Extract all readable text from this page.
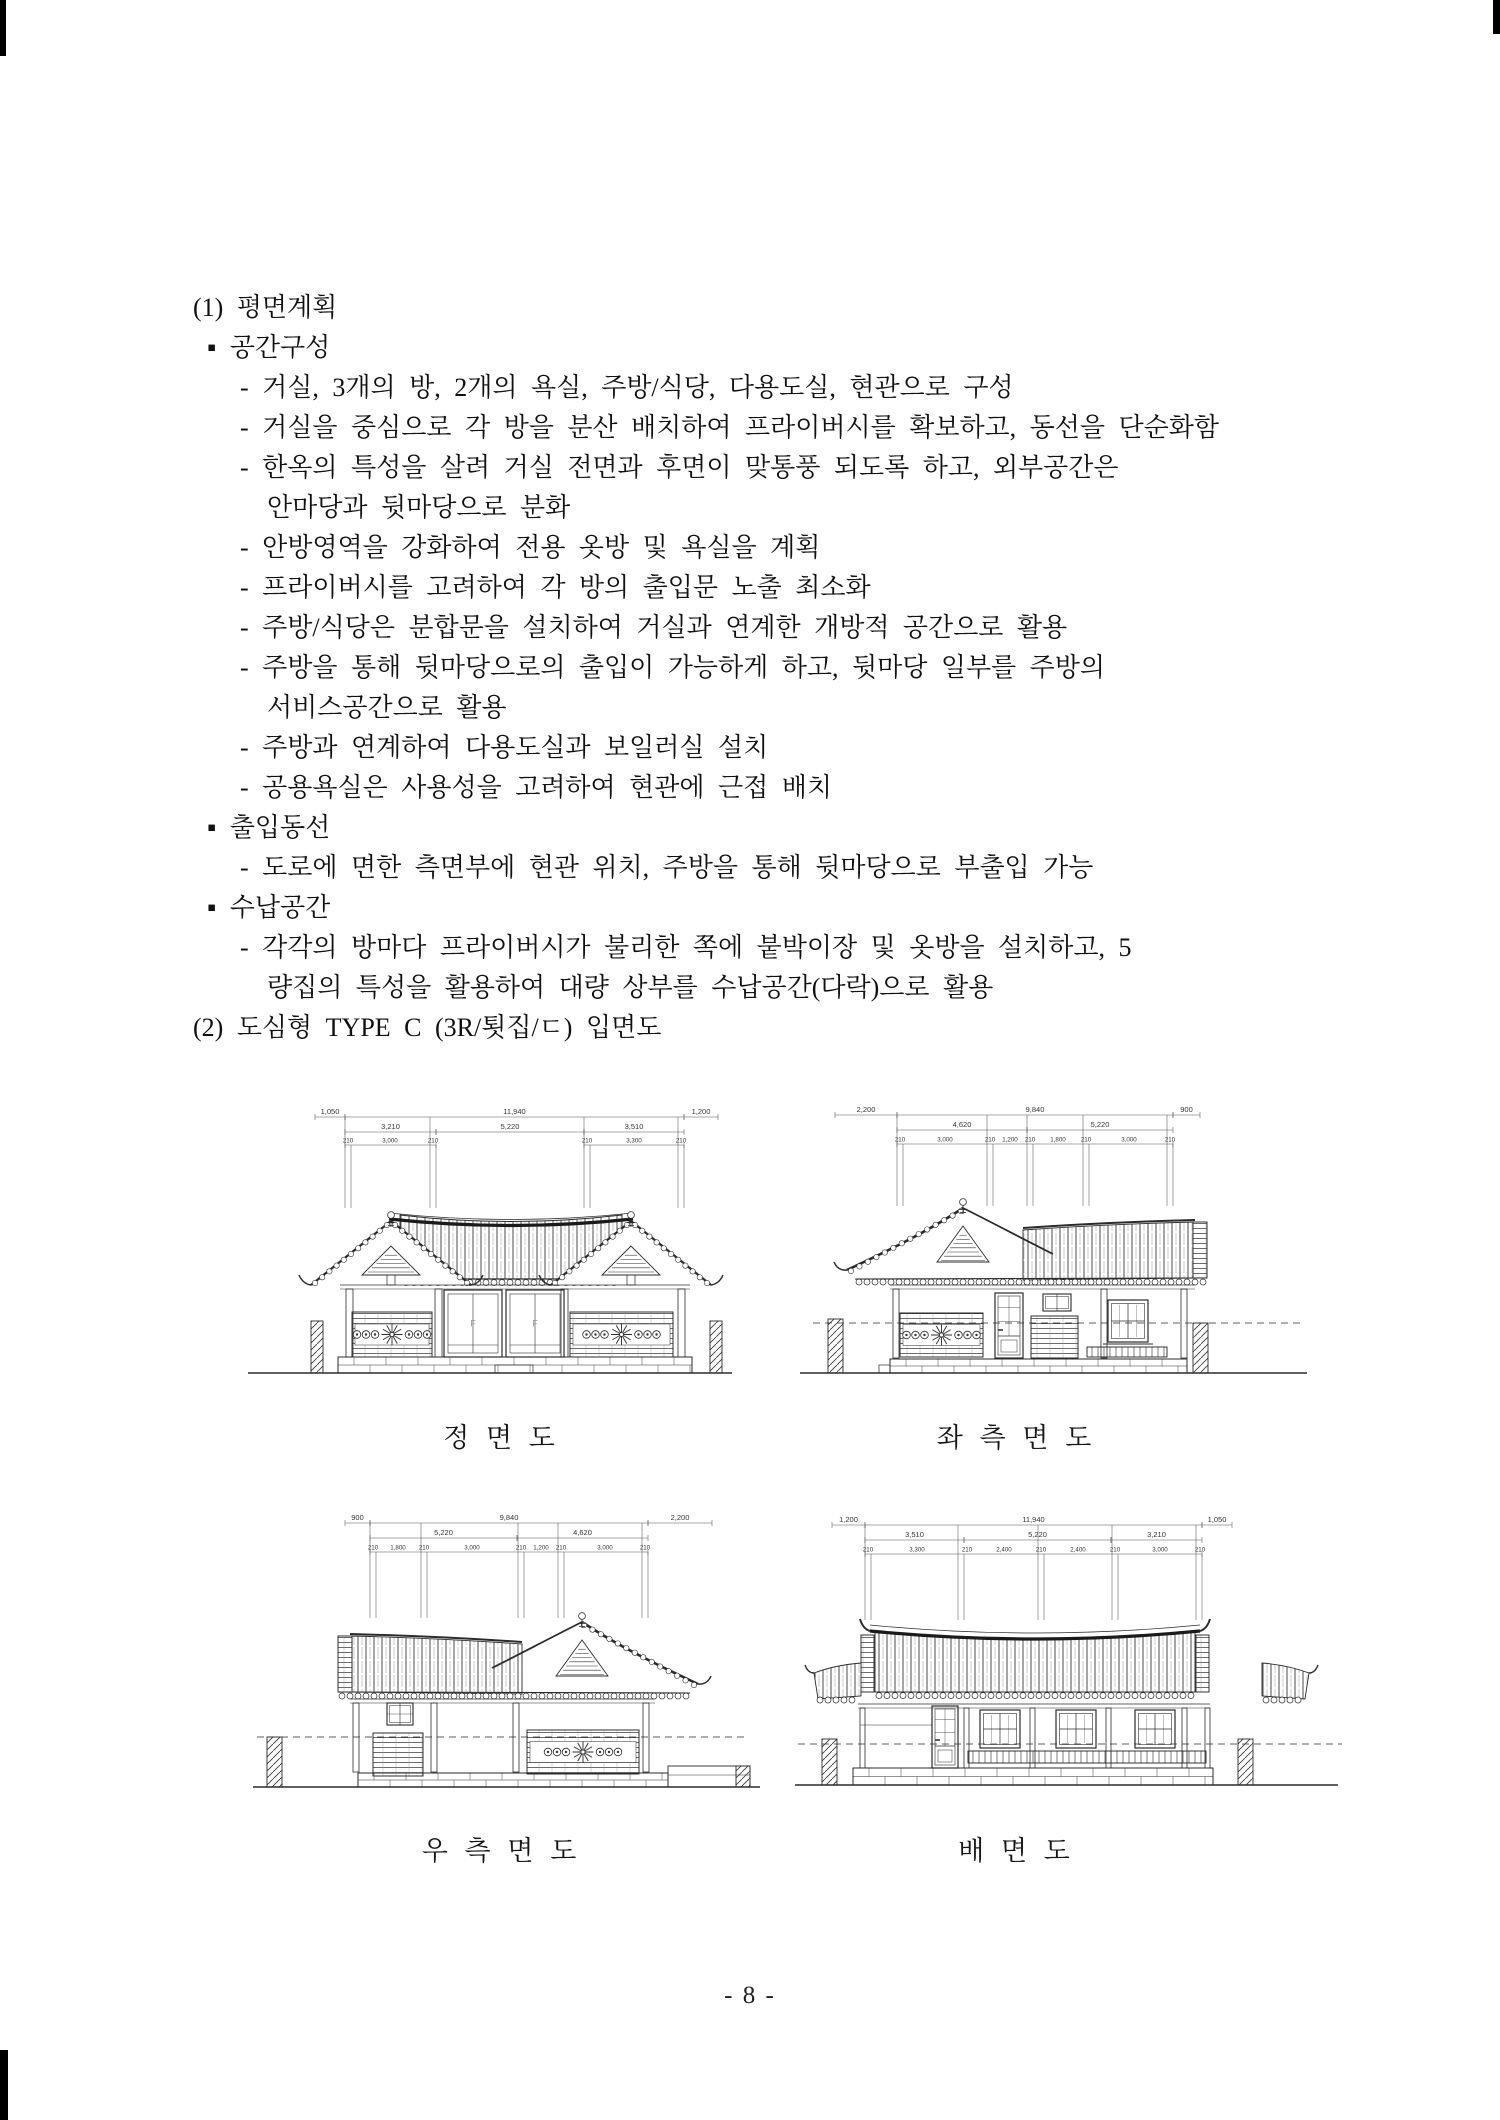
(1) 평면계획
▪ 공간구성
- 거실, 3개의 방, 2개의 욕실, 주방/식당, 다용도실, 현관으로 구성
- 거실을 중심으로 각 방을 분산 배치하여 프라이버시를 확보하고, 동선을 단순화함
- 한옥의 특성을 살려 거실 전면과 후면이 맞통풍 되도록 하고, 외부공간은
안마당과 뒷마당으로 분화
- 안방영역을 강화하여 전용 옷방 및 욕실을 계획
- 프라이버시를 고려하여 각 방의 출입문 노출 최소화
- 주방/식당은 분합문을 설치하여 거실과 연계한 개방적 공간으로 활용
- 주방을 통해 뒷마당으로의 출입이 가능하게 하고, 뒷마당 일부를 주방의
서비스공간으로 활용
- 주방과 연계하여 다용도실과 보일러실 설치
- 공용욕실은 사용성을 고려하여 현관에 근접 배치
▪ 출입동선
- 도로에 면한 측면부에 현관 위치, 주방을 통해 뒷마당으로 부출입 가능
▪ 수납공간
- 각각의 방마다 프라이버시가 불리한 쪽에 붙박이장 및 옷방을 설치하고, 5
량집의 특성을 활용하여 대량 상부를 수납공간(다락)으로 활용
(2) 도심형 TYPE C (3R/툇집/ㄷ) 입면도
1,050	11,940	1,200
3,210	5,220	3,510
210	3,000	210	210	3,300	210
F	F
2,200	9,840	900
4,620	5,220
210	3,000	210 1,200 210 1,800 210	3,000	210
900	9,840	2,200
5,220	4,620
210 1,800 210	3,000	210 1,200 210	3,000	210
1,200	11,940	1,050
3,510	5,220	3,210
210	3,300	210	2,400	210	2,400	210	3,000	210
정 면 도	좌 측 면 도
우 측 면 도	배 면 도
- 8 -
